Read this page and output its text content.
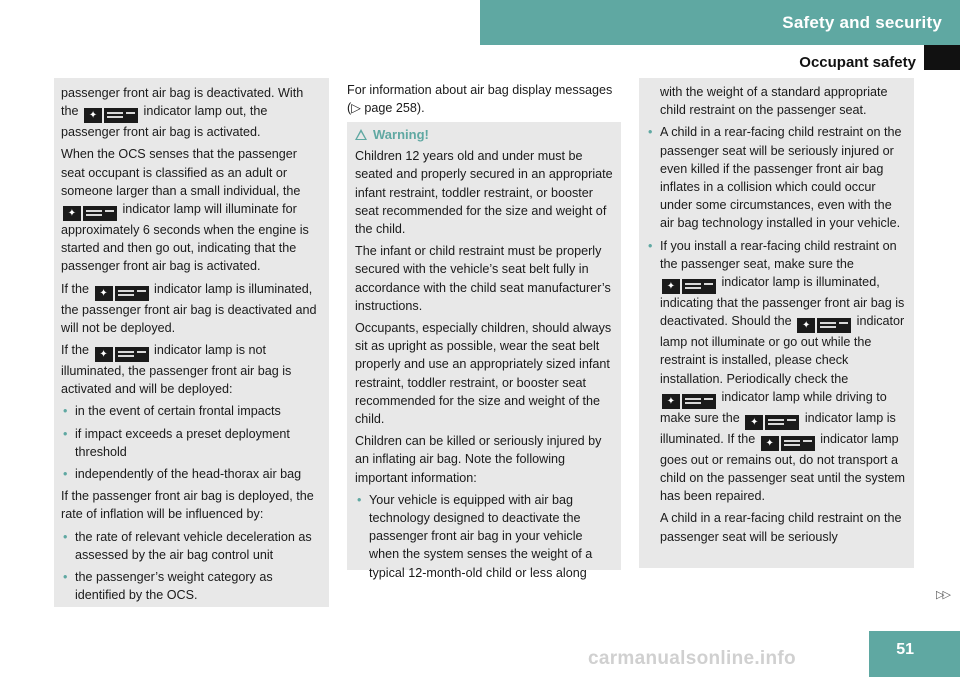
Safety and security
Occupant safety

passenger front air bag is deactivated. With the	✦	indicator lamp out, the passenger front air bag is activated.

When the OCS senses that the passenger seat occupant is classified as an adult or someone larger than a small individual, the
✦	indicator lamp will illuminate for approximately 6 seconds when the engine is started and then go out, indicating that the passenger front air bag is activated.

If the	✦	indicator lamp is illuminated, the passenger front air bag is deactivated and will not be deployed.

If the	✦	indicator lamp is not illuminated, the passenger front air bag is activated and will be deployed:

• in the event of certain frontal impacts
• if impact exceeds a preset deployment threshold
• independently of the head-thorax air bag

If the passenger front air bag is deployed, the rate of inflation will be influenced by:

• the rate of relevant vehicle deceleration as assessed by the air bag control unit
• the passenger’s weight category as identified by the OCS.

For information about air bag display messages (▷ page 258).

Warning!

Children 12 years old and under must be seated and properly secured in an appropriate infant restraint, toddler restraint, or booster seat recommended for the size and weight of the child.

The infant or child restraint must be properly secured with the vehicle’s seat belt fully in accordance with the child seat manufacturer’s instructions.

Occupants, especially children, should always sit as upright as possible, wear the seat belt properly and use an appropriately sized infant restraint, toddler restraint, or booster seat recommended for the size and weight of the child.

Children can be killed or seriously injured by an inflating air bag. Note the following important information:

• Your vehicle is equipped with air bag technology designed to deactivate the passenger front air bag in your vehicle when the system senses the weight of a typical 12-month-old child or less along

with the weight of a standard appropriate child restraint on the passenger seat.

• A child in a rear-facing child restraint on the passenger seat will be seriously injured or even killed if the passenger front air bag inflates in a collision which could occur under some circumstances, even with the air bag technology installed in your vehicle.
• If you install a rear-facing child restraint on the passenger seat, make sure the
✦	indicator lamp is illuminated, indicating that the passenger front air bag is deactivated. Should the	✦	indicator lamp not illuminate or go out while the restraint is installed, please check installation. Periodically check the
✦	indicator lamp while driving to make sure the	✦	indicator lamp is illuminated. If the	✦	indicator lamp goes out or remains out, do not transport a child on the passenger seat until the system has been repaired.

A child in a rear-facing child restraint on the passenger seat will be seriously

▷▷
51
carmanualsonline.info
